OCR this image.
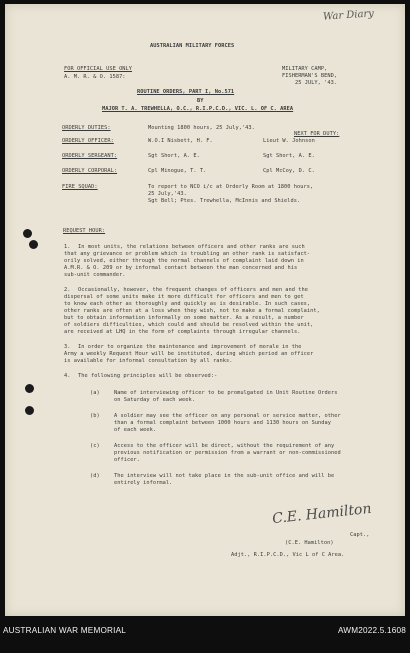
War Diary
AUSTRALIAN MILITARY FORCES
FOR OFFICIAL USE ONLY
A. M. R. & O. 1587:
MILITARY CAMP,
FISHERMAN'S BEND,
25 JULY, '43.
ROUTINE ORDERS, PART I, No.571
BY
MAJOR T. A. TREWHELLA, O.C., R.I.P.C.D., VIC. L. OF C. AREA
ORDERLY DUTIES:	Mounting 1800 hours, 25 July,'43.
NEXT FOR DUTY:
ORDERLY OFFICER:	W.O.I Nisbett, H. F.	Lieut W. Johnson
ORDERLY SERGEANT:	Sgt Short, A. E.	Sgt Short, A. E.
ORDERLY CORPORAL:	Cpl Minogue, T. T.	Cpl McCoy, D. C.
FIRE SQUAD:	To report to NCO i/c at Orderly Room at 1800 hours,
25 July,'43.
Sgt Bell; Ptes. Trewhella, McInnis and Shields.
REQUEST HOUR:
1. In most units, the relations between officers and other ranks are such
that any grievance or problem which is troubling an other rank is satisfact-
orily solved, either through the normal channels of complaint laid down in
A.M.R. & O. 209 or by informal contact between the man concerned and his
sub-unit commander.
2. Occasionally, however, the frequent changes of officers and men and the
dispersal of some units make it more difficult for officers and men to get
to know each other as thoroughly and quickly as is desirable. In such cases,
other ranks are often at a loss when they wish, not to make a formal complaint,
but to obtain information informally on some matter. As a result, a number
of soldiers difficulties, which could and should be resolved within the unit,
are received at LHQ in the form of complaints through irregular channels.
3. In order to organize the maintenance and improvement of morale in the
Army a weekly Request Hour will be instituted, during which period an officer
is available for informal consultation by all ranks.
4. The following principles will be observed:-
(a)	Name of interviewing officer to be promulgated in Unit Routine Orders
on Saturday of each week.
(b)	A soldier may see the officer on any personal or service matter, other
than a formal complaint between 1000 hours and 1130 hours on Sunday
of each week.
(c)	Access to the officer will be direct, without the requirement of any
previous notification or permission from a warrant or non-commissioned
officer.
(d)	The interview will not take place in the sub-unit office and will be
entirely informal.
C.E. Hamilton
Capt.,
(C.E. Hamilton)
Adjt., R.I.P.C.D., Vic L of C Area.
AUSTRALIAN WAR MEMORIAL	AWM2022.5.1608
